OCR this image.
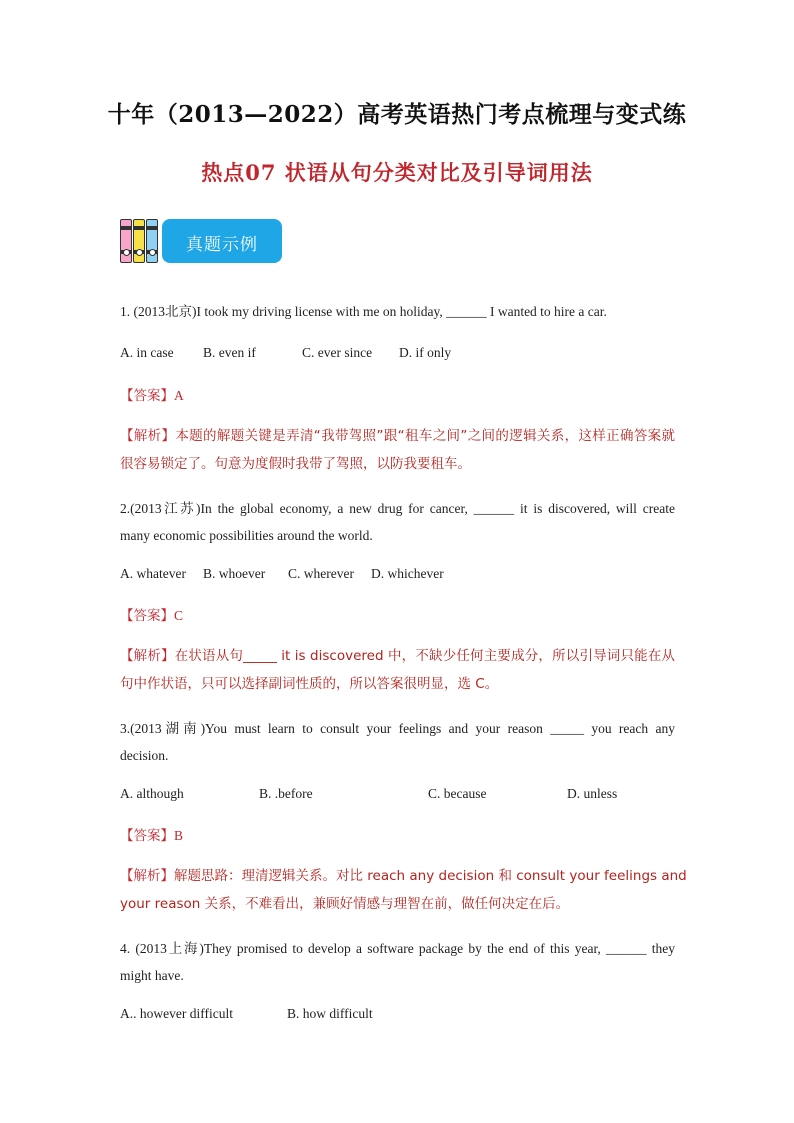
十年（2013—2022）高考英语热门考点梳理与变式练
热点07 状语从句分类对比及引导词用法
真题示例
1. (2013北京)I took my driving license with me on holiday, ______ I wanted to hire a car.
A. in case B. even if	C. ever since D. if only
【答案】A
【解析】本题的解题关键是弄清“我带驾照”跟“租车之间”之间的逻辑关系，这样正确答案就
很容易锁定了。句意为度假时我带了驾照，以防我要租车。
2.(2013江苏)In the global economy, a new drug for cancer, ______ it is discovered, will create
many economic possibilities around the world.
A. whatever B. whoever C. wherever D. whichever
【答案】C
【解析】在状语从句_____ it is discovered 中，不缺少任何主要成分，所以引导词只能在从
句中作状语，只可以选择副词性质的，所以答案很明显，选 C。
3.(2013湖南)You must learn to consult your feelings and your reason _____ you reach any
decision.
A. although	B. .before	C. because	D. unless
【答案】B
【解析】解题思路：理清逻辑关系。对比 reach any decision 和 consult your feelings and
your reason 关系，不难看出，兼顾好情感与理智在前，做任何决定在后。
4. (2013上海)They promised to develop a software package by the end of this year, ______ they
might have.
A.. however difficult	B. how difficult
